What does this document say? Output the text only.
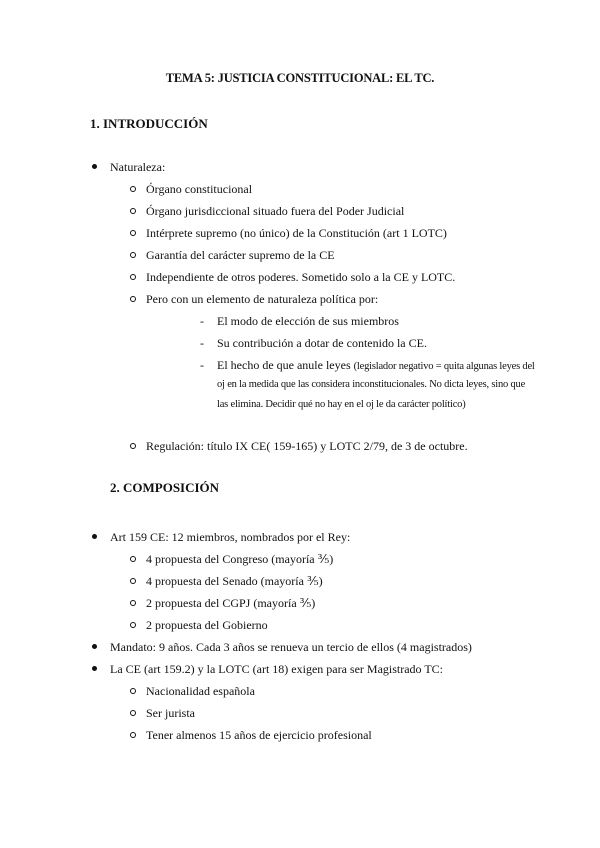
TEMA 5: JUSTICIA CONSTITUCIONAL: EL TC.
1. INTRODUCCIÓN
Naturaleza:
Órgano constitucional
Órgano jurisdiccional situado fuera del Poder Judicial
Intérprete supremo (no único) de la Constitución (art 1 LOTC)
Garantía del carácter supremo de la CE
Independiente de otros poderes. Sometido solo a la CE y LOTC.
Pero con un elemento de naturaleza política por:
- El modo de elección de sus miembros
- Su contribución a dotar de contenido la CE.
- El hecho de que anule leyes (legislador negativo = quita algunas leyes del
oj en la medida que las considera inconstitucionales. No dicta leyes, sino que
las elimina. Decidir qué no hay en el oj le da carácter político)
Regulación: título IX CE( 159-165) y LOTC 2/79, de 3 de octubre.
2. COMPOSICIÓN
Art 159 CE: 12 miembros, nombrados por el Rey:
4 propuesta del Congreso (mayoría ⅗)
4 propuesta del Senado (mayoría ⅗)
2 propuesta del CGPJ (mayoría ⅗)
2 propuesta del Gobierno
Mandato: 9 años. Cada 3 años se renueva un tercio de ellos (4 magistrados)
La CE (art 159.2) y la LOTC (art 18) exigen para ser Magistrado TC:
Nacionalidad española
Ser jurista
Tener almenos 15 años de ejercicio profesional
